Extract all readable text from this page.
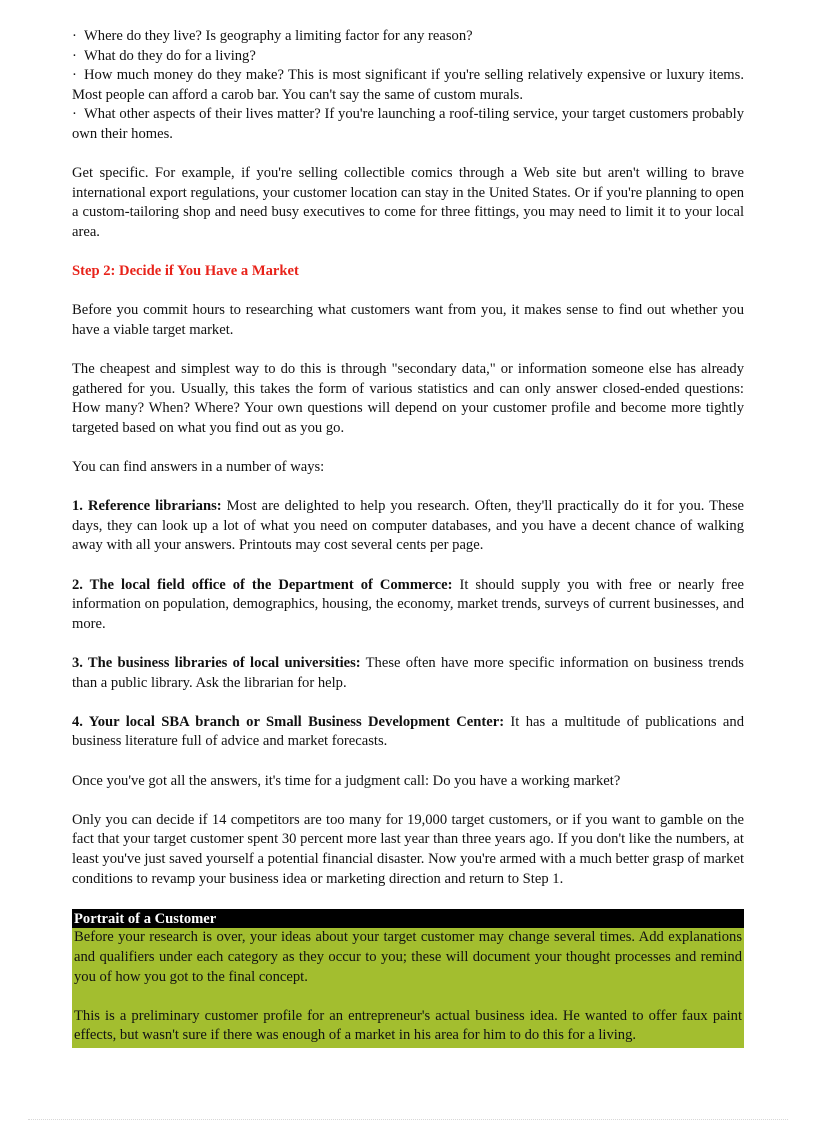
· Where do they live? Is geography a limiting factor for any reason?

· What do they do for a living?

· How much money do they make? This is most significant if you're selling relatively expensive or luxury items. Most people can afford a carob bar. You can't say the same of custom murals.

· What other aspects of their lives matter? If you're launching a roof-tiling service, your target customers probably own their homes.

Get specific. For example, if you're selling collectible comics through a Web site but aren't willing to brave international export regulations, your customer location can stay in the United States. Or if you're planning to open a custom-tailoring shop and need busy executives to come for three fittings, you may need to limit it to your local area.

Step 2: Decide if You Have a Market

Before you commit hours to researching what customers want from you, it makes sense to find out whether you have a viable target market.

The cheapest and simplest way to do this is through "secondary data," or information someone else has already gathered for you. Usually, this takes the form of various statistics and can only answer closed-ended questions: How many? When? Where? Your own questions will depend on your customer profile and become more tightly targeted based on what you find out as you go.

You can find answers in a number of ways:

1. Reference librarians: Most are delighted to help you research. Often, they'll practically do it for you. These days, they can look up a lot of what you need on computer databases, and you have a decent chance of walking away with all your answers. Printouts may cost several cents per page.

2. The local field office of the Department of Commerce: It should supply you with free or nearly free information on population, demographics, housing, the economy, market trends, surveys of current businesses, and more.

3. The business libraries of local universities: These often have more specific information on business trends than a public library. Ask the librarian for help.

4. Your local SBA branch or Small Business Development Center: It has a multitude of publications and business literature full of advice and market forecasts.

Once you've got all the answers, it's time for a judgment call: Do you have a working market?

Only you can decide if 14 competitors are too many for 19,000 target customers, or if you want to gamble on the fact that your target customer spent 30 percent more last year than three years ago. If you don't like the numbers, at least you've just saved yourself a potential financial disaster. Now you're armed with a much better grasp of market conditions to revamp your business idea or marketing direction and return to Step 1.

Portrait of a Customer

Before your research is over, your ideas about your target customer may change several times. Add explanations and qualifiers under each category as they occur to you; these will document your thought processes and remind you of how you got to the final concept.

This is a preliminary customer profile for an entrepreneur's actual business idea. He wanted to offer faux paint effects, but wasn't sure if there was enough of a market in his area for him to do this for a living.
